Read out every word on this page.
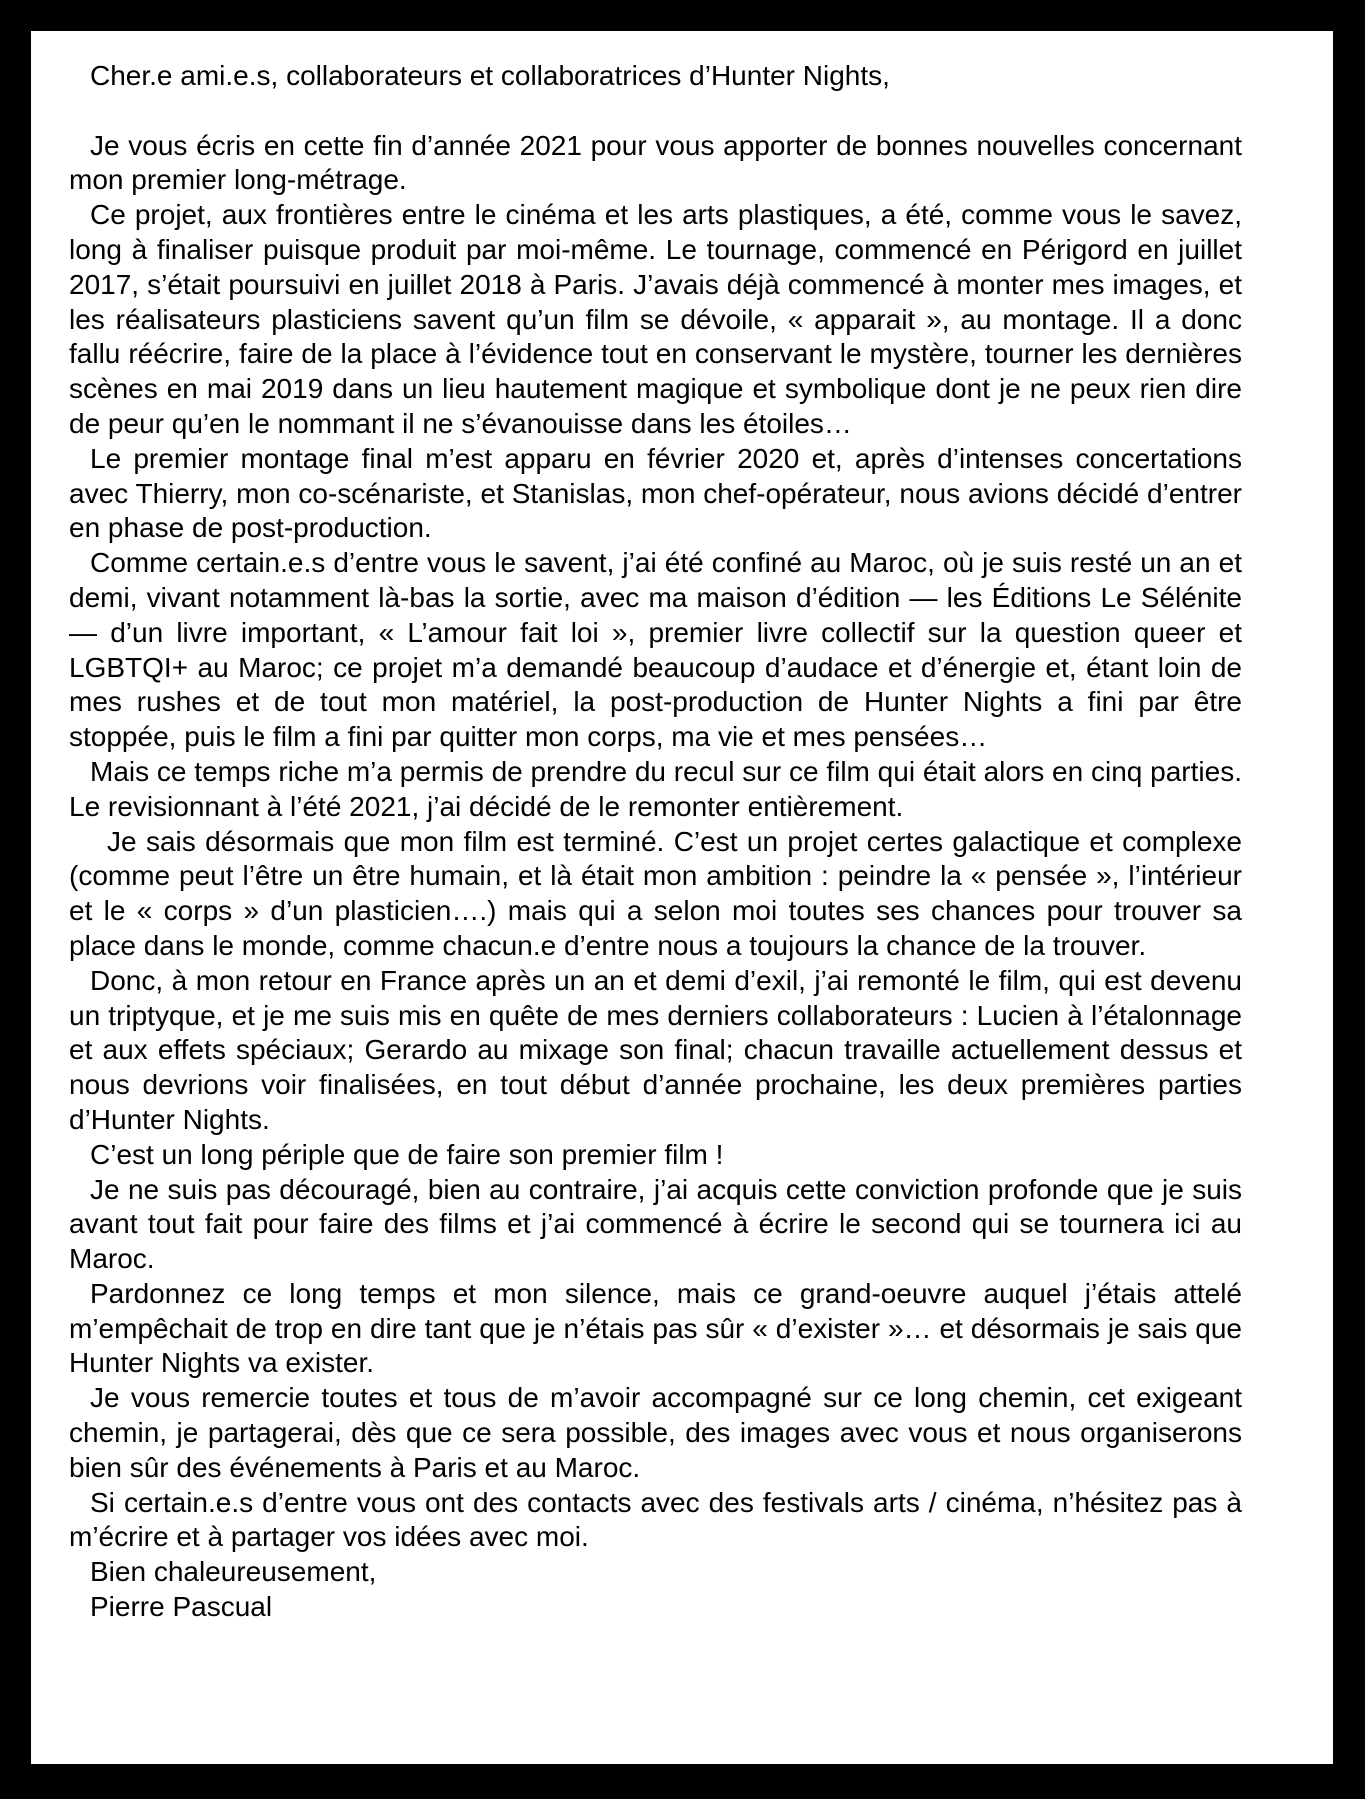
Cher.e ami.e.s, collaborateurs et collaboratrices d’Hunter Nights,

Je vous écris en cette fin d’année 2021 pour vous apporter de bonnes nouvelles concernant mon premier long-métrage.

Ce projet, aux frontières entre le cinéma et les arts plastiques, a été, comme vous le savez, long à finaliser puisque produit par moi-même. Le tournage, commencé en Périgord en juillet 2017, s’était poursuivi en juillet 2018 à Paris. J’avais déjà commencé à monter mes images, et les réalisateurs plasticiens savent qu’un film se dévoile, « apparait », au montage. Il a donc fallu réécrire, faire de la place à l’évidence tout en conservant le mystère, tourner les dernières scènes en mai 2019 dans un lieu hautement magique et symbolique dont je ne peux rien dire de peur qu’en le nommant il ne s’évanouisse dans les étoiles…

Le premier montage final m’est apparu en février 2020 et, après d’intenses concertations avec Thierry, mon co-scénariste, et Stanislas, mon chef-opérateur, nous avions décidé d’entrer en phase de post-production.

Comme certain.e.s d’entre vous le savent, j’ai été confiné au Maroc, où je suis resté un an et demi, vivant notamment là-bas la sortie, avec ma maison d’édition — les Éditions Le Sélénite — d’un livre important, « L’amour fait loi », premier livre collectif sur la question queer et LGBTQI+ au Maroc; ce projet m’a demandé beaucoup d’audace et d’énergie et, étant loin de mes rushes et de tout mon matériel, la post-production de Hunter Nights a fini par être stoppée, puis le film a fini par quitter mon corps, ma vie et mes pensées…

Mais ce temps riche m’a permis de prendre du recul sur ce film qui était alors en cinq parties. Le revisionnant à l’été 2021, j’ai décidé de le remonter entièrement.

Je sais désormais que mon film est terminé. C’est un projet certes galactique et complexe (comme peut l’être un être humain, et là était mon ambition : peindre la « pensée », l’intérieur et le « corps » d’un plasticien….) mais qui a selon moi toutes ses chances pour trouver sa place dans le monde, comme chacun.e d’entre nous a toujours la chance de la trouver.

Donc, à mon retour en France après un an et demi d’exil, j’ai remonté le film, qui est devenu un triptyque, et je me suis mis en quête de mes derniers collaborateurs : Lucien à l’étalonnage et aux effets spéciaux; Gerardo au mixage son final; chacun travaille actuellement dessus et nous devrions voir finalisées, en tout début d’année prochaine, les deux premières parties d’Hunter Nights.

C’est un long périple que de faire son premier film !

Je ne suis pas découragé, bien au contraire, j’ai acquis cette conviction profonde que je suis avant tout fait pour faire des films et j’ai commencé à écrire le second qui se tournera ici au Maroc.

Pardonnez ce long temps et mon silence, mais ce grand-oeuvre auquel j’étais attelé m’empêchait de trop en dire tant que je n’étais pas sûr « d’exister »… et désormais je sais que Hunter Nights va exister.

Je vous remercie toutes et tous de m’avoir accompagné sur ce long chemin, cet exigeant chemin, je partagerai, dès que ce sera possible, des images avec vous et nous organiserons bien sûr des événements à Paris et au Maroc.

Si certain.e.s d’entre vous ont des contacts avec des festivals arts / cinéma, n’hésitez pas à m’écrire et à partager vos idées avec moi.

Bien chaleureusement,

Pierre Pascual
